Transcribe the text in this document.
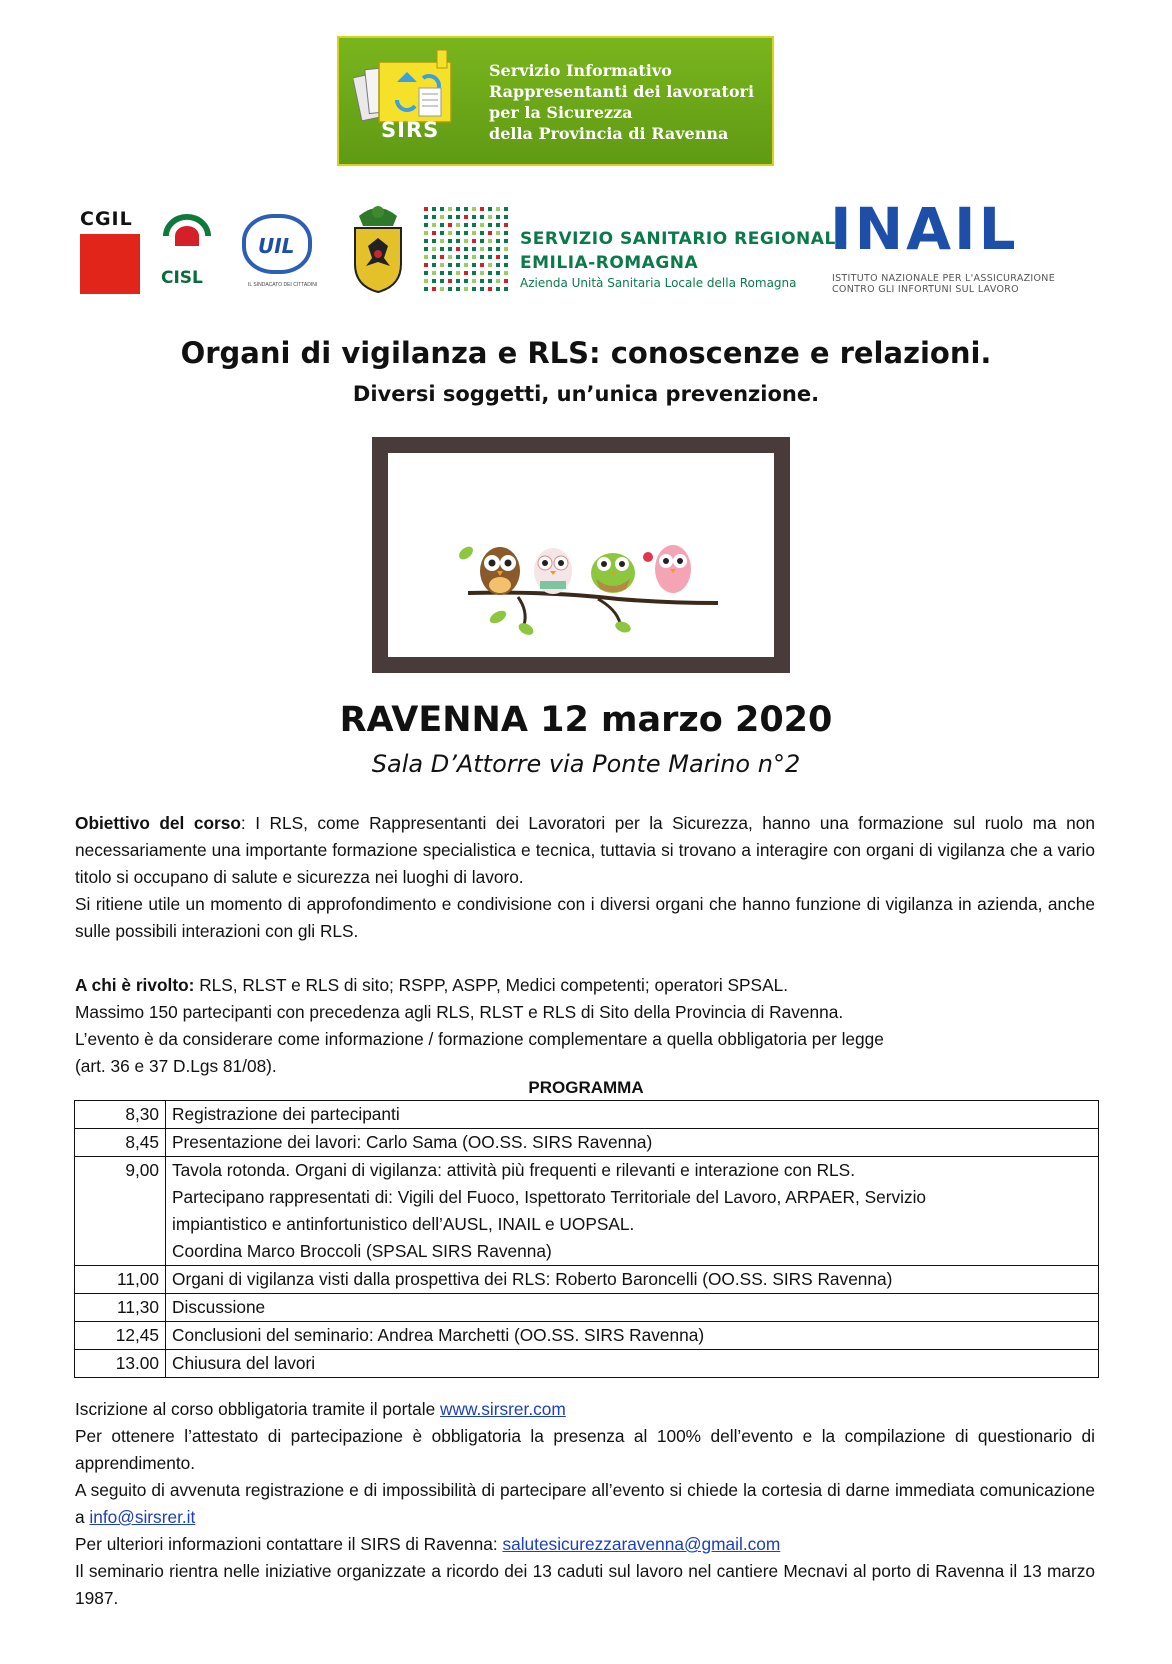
SIRS
Servizio Informativo
Rappresentanti dei lavoratori
per la Sicurezza
della Provincia di Ravenna
CGIL
CISL
UIL
IL SINDACATO DEI CITTADINI
SERVIZIO SANITARIO REGIONALE
EMILIA-ROMAGNA
Azienda Unità Sanitaria Locale della Romagna
INAIL
ISTITUTO NAZIONALE PER L'ASSICURAZIONE
CONTRO GLI INFORTUNI SUL LAVORO
Organi di vigilanza e RLS: conoscenze e relazioni.
Diversi soggetti, un’unica prevenzione.
RAVENNA 12 marzo 2020
Sala D’Attorre via Ponte Marino n°2
Obiettivo del corso: I RLS, come Rappresentanti dei Lavoratori per la Sicurezza, hanno una formazione sul ruolo ma non necessariamente una importante formazione specialistica e tecnica, tuttavia si trovano a interagire con organi di vigilanza che a vario titolo si occupano di salute e sicurezza nei luoghi di lavoro.
Si ritiene utile un momento di approfondimento e condivisione con i diversi organi che hanno funzione di vigilanza in azienda, anche sulle possibili interazioni con gli RLS.
A chi è rivolto: RLS, RLST e RLS di sito; RSPP, ASPP, Medici competenti; operatori SPSAL.
Massimo 150 partecipanti con precedenza agli RLS, RLST e RLS di Sito della Provincia di Ravenna.
L’evento è da considerare come informazione / formazione complementare a quella obbligatoria per legge
(art. 36 e 37 D.Lgs 81/08).
PROGRAMMA
8,30	Registrazione dei partecipanti

8,45	Presentazione dei lavori: Carlo Sama (OO.SS. SIRS Ravenna)

9,00	Tavola rotonda. Organi di vigilanza: attività più frequenti e rilevanti e interazione con RLS.
Partecipano rappresentati di: Vigili del Fuoco, Ispettorato Territoriale del Lavoro, ARPAER, Servizio
impiantistico e antinfortunistico dell’AUSL, INAIL e UOPSAL.
Coordina Marco Broccoli (SPSAL SIRS Ravenna)

11,00	Organi di vigilanza visti dalla prospettiva dei RLS: Roberto Baroncelli (OO.SS. SIRS Ravenna)

11,30	Discussione

12,45	Conclusioni del seminario: Andrea Marchetti (OO.SS. SIRS Ravenna)

13.00	Chiusura del lavori
Iscrizione al corso obbligatoria tramite il portale www.sirsrer.com
Per ottenere l’attestato di partecipazione è obbligatoria la presenza al 100% dell’evento e la compilazione di questionario di apprendimento.
A seguito di avvenuta registrazione e di impossibilità di partecipare all’evento si chiede la cortesia di darne immediata comunicazione a info@sirsrer.it
Per ulteriori informazioni contattare il SIRS di Ravenna: salutesicurezzaravenna@gmail.com
Il seminario rientra nelle iniziative organizzate a ricordo dei 13 caduti sul lavoro nel cantiere Mecnavi al porto di Ravenna il 13 marzo 1987.
